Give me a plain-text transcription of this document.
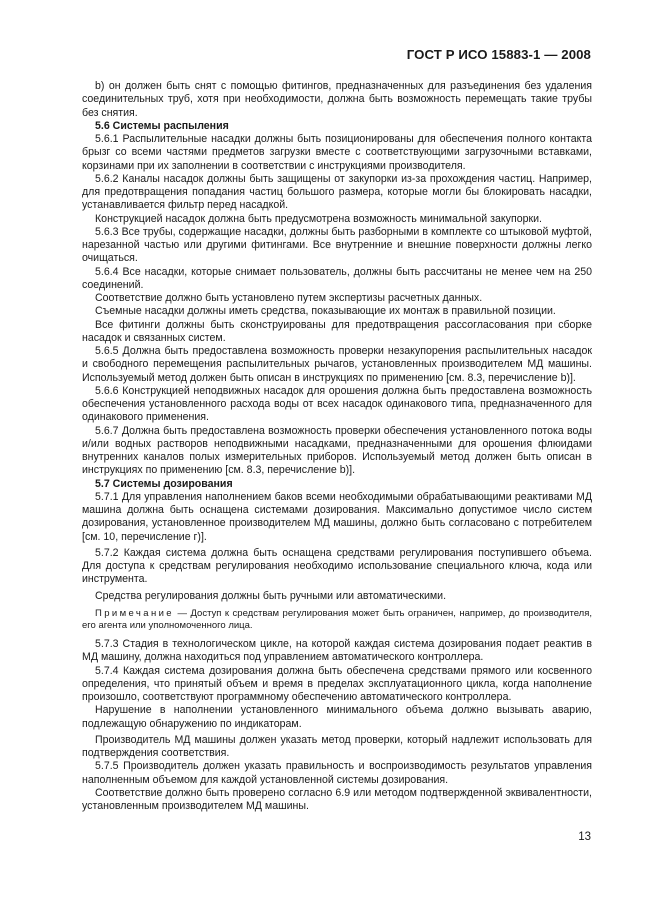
ГОСТ Р ИСО 15883-1 — 2008

b) он должен быть снят с помощью фитингов, предназначенных для разъединения без удаления соединительных труб, хотя при необходимости, должна быть возможность перемещать такие трубы без снятия.

5.6 Системы распыления

5.6.1 Распылительные насадки должны быть позиционированы для обеспечения полного контакта брызг со всеми частями предметов загрузки вместе с соответствующими загрузочными вставками, корзинами при их заполнении в соответствии с инструкциями производителя.

5.6.2 Каналы насадок должны быть защищены от закупорки из-за прохождения частиц. Например, для предотвращения попадания частиц большого размера, которые могли бы блокировать насадки, устанавливается фильтр перед насадкой.

Конструкцией насадок должна быть предусмотрена возможность минимальной закупорки.

5.6.3 Все трубы, содержащие насадки, должны быть разборными в комплекте со штыковой муфтой, нарезанной частью или другими фитингами. Все внутренние и внешние поверхности должны легко очищаться.

5.6.4 Все насадки, которые снимает пользователь, должны быть рассчитаны не менее чем на 250 соединений.

Соответствие должно быть установлено путем экспертизы расчетных данных.

Съемные насадки должны иметь средства, показывающие их монтаж в правильной позиции.

Все фитинги должны быть сконструированы для предотвращения рассогласования при сборке насадок и связанных систем.

5.6.5 Должна быть предоставлена возможность проверки незакупорения распылительных насадок и свободного перемещения распылительных рычагов, установленных производителем МД машины. Используемый метод должен быть описан в инструкциях по применению [см. 8.3, перечисление b)].

5.6.6 Конструкцией неподвижных насадок для орошения должна быть предоставлена возможность обеспечения установленного расхода воды от всех насадок одинакового типа, предназначенного для одинакового применения.

5.6.7 Должна быть предоставлена возможность проверки обеспечения установленного потока воды и/или водных растворов неподвижными насадками, предназначенными для орошения флюидами внутренних каналов полых измерительных приборов. Используемый метод должен быть описан в инструкциях по применению [см. 8.3, перечисление b)].

5.7 Системы дозирования

5.7.1 Для управления наполнением баков всеми необходимыми обрабатывающими реактивами МД машина должна быть оснащена системами дозирования. Максимально допустимое число систем дозирования, установленное производителем МД машины, должно быть согласовано с потребителем [см. 10, перечисление г)].

5.7.2 Каждая система должна быть оснащена средствами регулирования поступившего объема. Для доступа к средствам регулирования необходимо использование специального ключа, кода или инструмента.

Средства регулирования должны быть ручными или автоматическими.

Примечание — Доступ к средствам регулирования может быть ограничен, например, до производителя, его агента или уполномоченного лица.

5.7.3 Стадия в технологическом цикле, на которой каждая система дозирования подает реактив в МД машину, должна находиться под управлением автоматического контроллера.

5.7.4 Каждая система дозирования должна быть обеспечена средствами прямого или косвенного определения, что принятый объем и время в пределах эксплуатационного цикла, когда наполнение произошло, соответствуют программному обеспечению автоматического контроллера.

Нарушение в наполнении установленного минимального объема должно вызывать аварию, подлежащую обнаружению по индикаторам.

Производитель МД машины должен указать метод проверки, который надлежит использовать для подтверждения соответствия.

5.7.5 Производитель должен указать правильность и воспроизводимость результатов управления наполненным объемом для каждой установленной системы дозирования.

Соответствие должно быть проверено согласно 6.9 или методом подтвержденной эквивалентности, установленным производителем МД машины.

13
